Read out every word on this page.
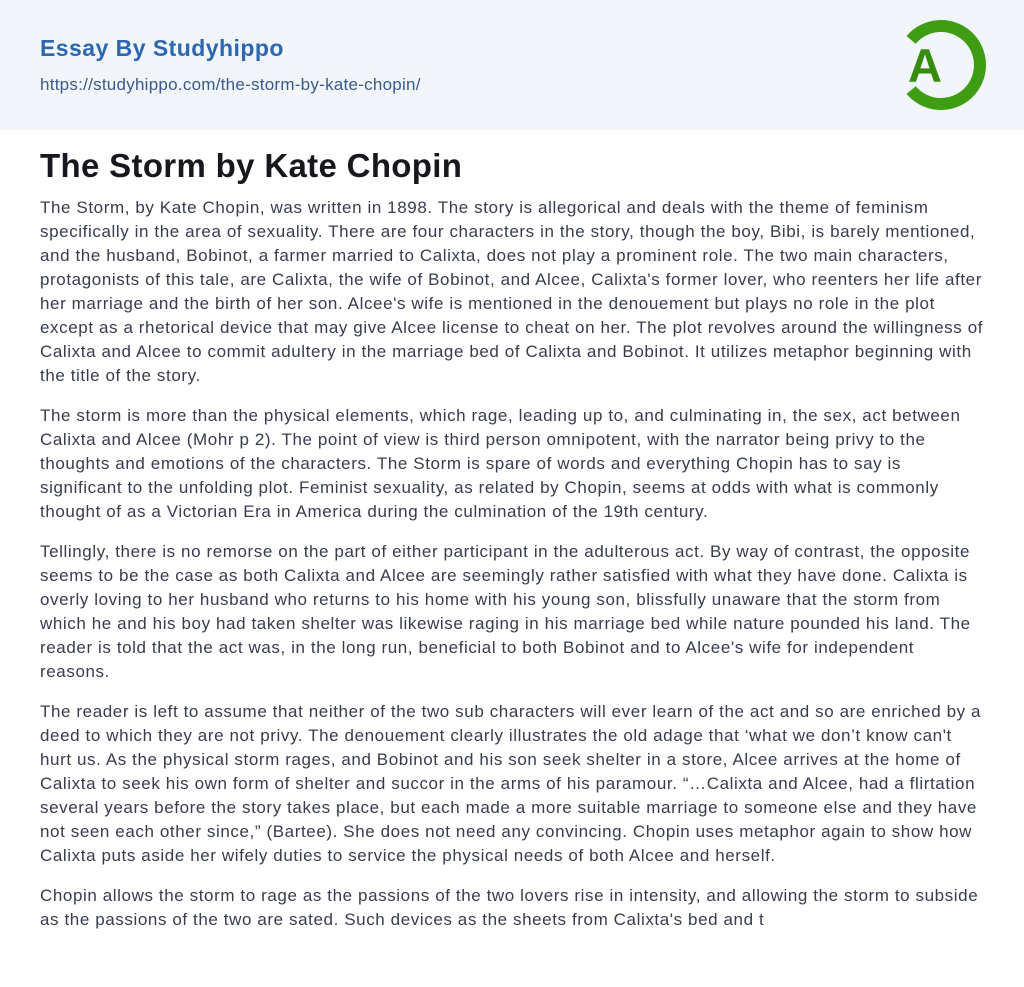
Essay By Studyhippo
https://studyhippo.com/the-storm-by-kate-chopin/	A
The Storm by Kate Chopin

The Storm, by Kate Chopin, was written in 1898. The story is allegorical and deals with the theme of feminism specifically in the area of sexuality. There are four characters in the story, though the boy, Bibi, is barely mentioned, and the husband, Bobinot, a farmer married to Calixta, does not play a prominent role. The two main characters, protagonists of this tale, are Calixta, the wife of Bobinot, and Alcee, Calixta's former lover, who reenters her life after her marriage and the birth of her son. Alcee's wife is mentioned in the denouement but plays no role in the plot except as a rhetorical device that may give Alcee license to cheat on her. The plot revolves around the willingness of Calixta and Alcee to commit adultery in the marriage bed of Calixta and Bobinot. It utilizes metaphor beginning with the title of the story.

The storm is more than the physical elements, which rage, leading up to, and culminating in, the sex, act between Calixta and Alcee (Mohr p 2). The point of view is third person omnipotent, with the narrator being privy to the thoughts and emotions of the characters. The Storm is spare of words and everything Chopin has to say is significant to the unfolding plot. Feminist sexuality, as related by Chopin, seems at odds with what is commonly thought of as a Victorian Era in America during the culmination of the 19th century.

Tellingly, there is no remorse on the part of either participant in the adulterous act. By way of contrast, the opposite seems to be the case as both Calixta and Alcee are seemingly rather satisfied with what they have done. Calixta is overly loving to her husband who returns to his home with his young son, blissfully unaware that the storm from which he and his boy had taken shelter was likewise raging in his marriage bed while nature pounded his land. The reader is told that the act was, in the long run, beneficial to both Bobinot and to Alcee's wife for independent reasons.

The reader is left to assume that neither of the two sub characters will ever learn of the act and so are enriched by a deed to which they are not privy. The denouement clearly illustrates the old adage that ‘what we don’t know can't hurt us. As the physical storm rages, and Bobinot and his son seek shelter in a store, Alcee arrives at the home of Calixta to seek his own form of shelter and succor in the arms of his paramour. “…Calixta and Alcee, had a flirtation several years before the story takes place, but each made a more suitable marriage to someone else and they have not seen each other since,” (Bartee). She does not need any convincing. Chopin uses metaphor again to show how Calixta puts aside her wifely duties to service the physical needs of both Alcee and herself.

Chopin allows the storm to rage as the passions of the two lovers rise in intensity, and allowing the storm to subside as the passions of the two are sated. Such devices as the sheets from Calixta's bed and t
